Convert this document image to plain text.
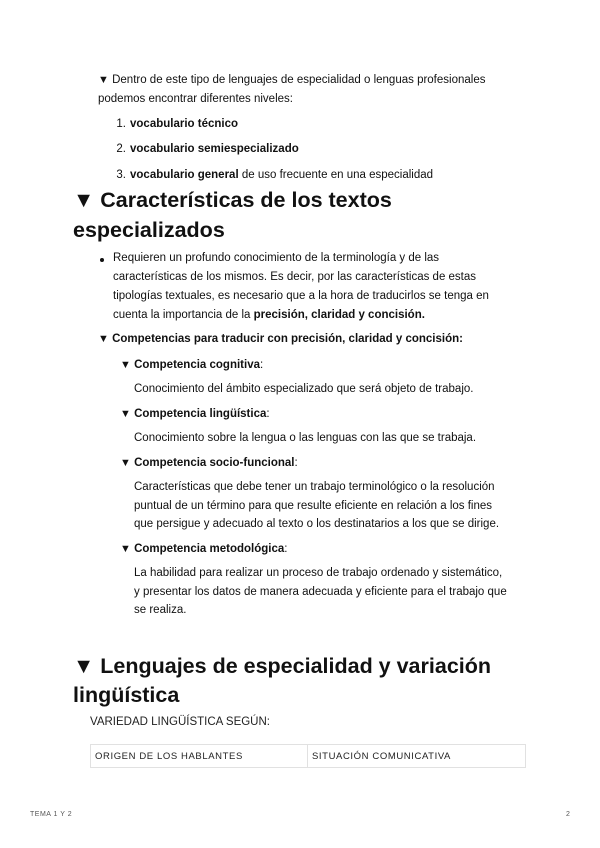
▼ Dentro de este tipo de lenguajes de especialidad o lenguas profesionales
podemos encontrar diferentes niveles:
1. vocabulario técnico
2. vocabulario semiespecializado
3. vocabulario general de uso frecuente en una especialidad
▼ Características de los textos
especializados
Requieren un profundo conocimiento de la terminología y de las
características de los mismos. Es decir, por las características de estas
tipologías textuales, es necesario que a la hora de traducirlos se tenga en
cuenta la importancia de la precisión, claridad y concisión.
▼ Competencias para traducir con precisión, claridad y concisión:
▼ Competencia cognitiva:
Conocimiento del ámbito especializado que será objeto de trabajo.
▼ Competencia lingüística:
Conocimiento sobre la lengua o las lenguas con las que se trabaja.
▼ Competencia socio-funcional:
Características que debe tener un trabajo terminológico o la resolución
puntual de un término para que resulte eficiente en relación a los fines
que persigue y adecuado al texto o los destinatarios a los que se dirige.
▼ Competencia metodológica:
La habilidad para realizar un proceso de trabajo ordenado y sistemático,
y presentar los datos de manera adecuada y eficiente para el trabajo que
se realiza.
▼ Lenguajes de especialidad y variación
lingüística
VARIEDAD LINGÜÍSTICA SEGÚN:
ORIGEN DE LOS HABLANTES	SITUACIÓN COMUNICATIVA
TEMA 1 Y 2	2
